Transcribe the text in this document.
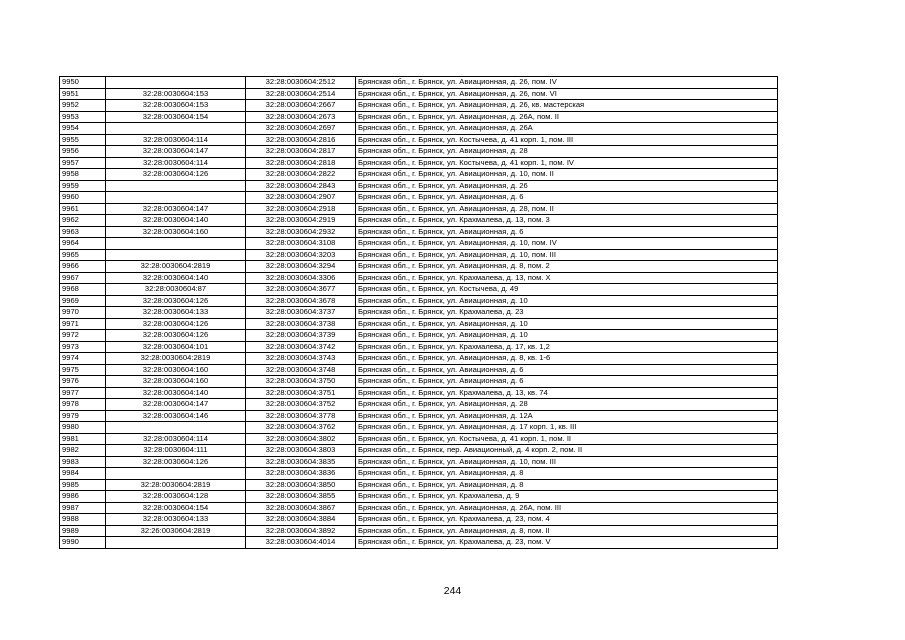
9950		32:28:0030604:2512	Брянская обл., г. Брянск, ул. Авиационная, д. 26, пом. IV
9951	32:28:0030604:153	32:28:0030604:2514	Брянская обл., г. Брянск, ул. Авиационная, д. 26, пом. VI
9952	32:28:0030604:153	32:28:0030604:2667	Брянская обл., г. Брянск, ул. Авиационная, д. 26, кв. мастерская
9953	32:28:0030604:154	32:28:0030604:2673	Брянская обл., г. Брянск, ул. Авиационная, д. 26А, пом. II
9954		32:28:0030604:2697	Брянская обл., г. Брянск, ул. Авиационная, д. 26А
9955	32:28:0030604:114	32:28:0030604:2816	Брянская обл., г. Брянск, ул. Костычева, д. 41 корп. 1, пом. III
9956	32:28:0030604:147	32:28:0030604:2817	Брянская обл., г. Брянск, ул. Авиационная, д. 28
9957	32:28:0030604:114	32:28:0030604:2818	Брянская обл., г. Брянск, ул. Костычева, д. 41 корп. 1, пом. IV
9958	32:28:0030604:126	32:28:0030604:2822	Брянская обл., г. Брянск, ул. Авиационная, д. 10, пом. II
9959		32:28:0030604:2843	Брянская обл., г. Брянск, ул. Авиационная, д. 26
9960		32:28:0030604:2907	Брянская обл., г. Брянск, ул. Авиационная, д. 6
9961	32:28:0030604:147	32:28:0030604:2918	Брянская обл., г. Брянск, ул. Авиационная, д. 28, пом. II
9962	32:28:0030604:140	32:28:0030604:2919	Брянская обл., г. Брянск, ул. Крахмалева, д. 13, пом. 3
9963	32:28:0030604:160	32:28:0030604:2932	Брянская обл., г. Брянск, ул. Авиационная, д. 6
9964		32:28:0030604:3108	Брянская обл., г. Брянск, ул. Авиационная, д. 10, пом. IV
9965		32:28:0030604:3203	Брянская обл., г. Брянск, ул. Авиационная, д. 10, пом. III
9966	32:28:0030604:2819	32:28:0030604:3294	Брянская обл., г. Брянск, ул. Авиационная, д. 8, пом. 2
9967	32:28:0030604:140	32:28:0030604:3306	Брянская обл., г. Брянск, ул. Крахмалева, д. 13, пом. X
9968	32:28:0030604:87	32:28:0030604:3677	Брянская обл., г. Брянск, ул. Костычева, д. 49
9969	32:28:0030604:126	32:28:0030604:3678	Брянская обл., г. Брянск, ул. Авиационная, д. 10
9970	32:28:0030604:133	32:28:0030604:3737	Брянская обл., г. Брянск, ул. Крахмалева, д. 23
9971	32:28:0030604:126	32:28:0030604:3738	Брянская обл., г. Брянск, ул. Авиационная, д. 10
9972	32:28:0030604:126	32:28:0030604:3739	Брянская обл., г. Брянск, ул. Авиационная, д. 10
9973	32:28:0030604:101	32:28:0030604:3742	Брянская обл., г. Брянск, ул. Крахмалева, д. 17, кв. 1,2
9974	32:28:0030604:2819	32:28:0030604:3743	Брянская обл., г. Брянск, ул. Авиационная, д. 8, кв. 1-6
9975	32:28:0030604:160	32:28:0030604:3748	Брянская обл., г. Брянск, ул. Авиационная, д. 6
9976	32:28:0030604:160	32:28:0030604:3750	Брянская обл., г. Брянск, ул. Авиационная, д. 6
9977	32:28:0030604:140	32:28:0030604:3751	Брянская обл., г. Брянск, ул. Крахмалева, д. 13, кв. 74
9978	32:28:0030604:147	32:28:0030604:3752	Брянская обл., г. Брянск, ул. Авиационная, д. 28
9979	32:28:0030604:146	32:28:0030604:3778	Брянская обл., г. Брянск, ул. Авиационная, д. 12А
9980		32:28:0030604:3762	Брянская обл., г. Брянск, ул. Авиационная, д. 17 корп. 1, кв. III
9981	32:28:0030604:114	32:28:0030604:3802	Брянская обл., г. Брянск, ул. Костычева, д. 41 корп. 1, пом. II
9982	32:28:0030604:111	32:28:0030604:3803	Брянская обл., г. Брянск, пер. Авиационный, д. 4 корп. 2, пом. II
9983	32:28:0030604:126	32:28:0030604:3835	Брянская обл., г. Брянск, ул. Авиационная, д. 10, пом. III
9984		32:28:0030604:3836	Брянская обл., г. Брянск, ул. Авиационная, д. 8
9985	32:28:0030604:2819	32:28:0030604:3850	Брянская обл., г. Брянск, ул. Авиационная, д. 8
9986	32:28:0030604:128	32:28:0030604:3855	Брянская обл., г. Брянск, ул. Крахмалева, д. 9
9987	32:28:0030604:154	32:28:0030604:3867	Брянская обл., г. Брянск, ул. Авиационная, д. 26А, пом. III
9988	32:28:0030604:133	32:28:0030604:3884	Брянская обл., г. Брянск, ул. Крахмалева, д. 23, пом. 4
9989	32:26:0030604:2819	32:28:0030604:3892	Брянская обл., г. Брянск, ул. Авиационная, д. 8, пом. II
9990		32:28:0030604:4014	Брянская обл., г. Брянск, ул. Крахмалева, д. 23, пом. V
244
